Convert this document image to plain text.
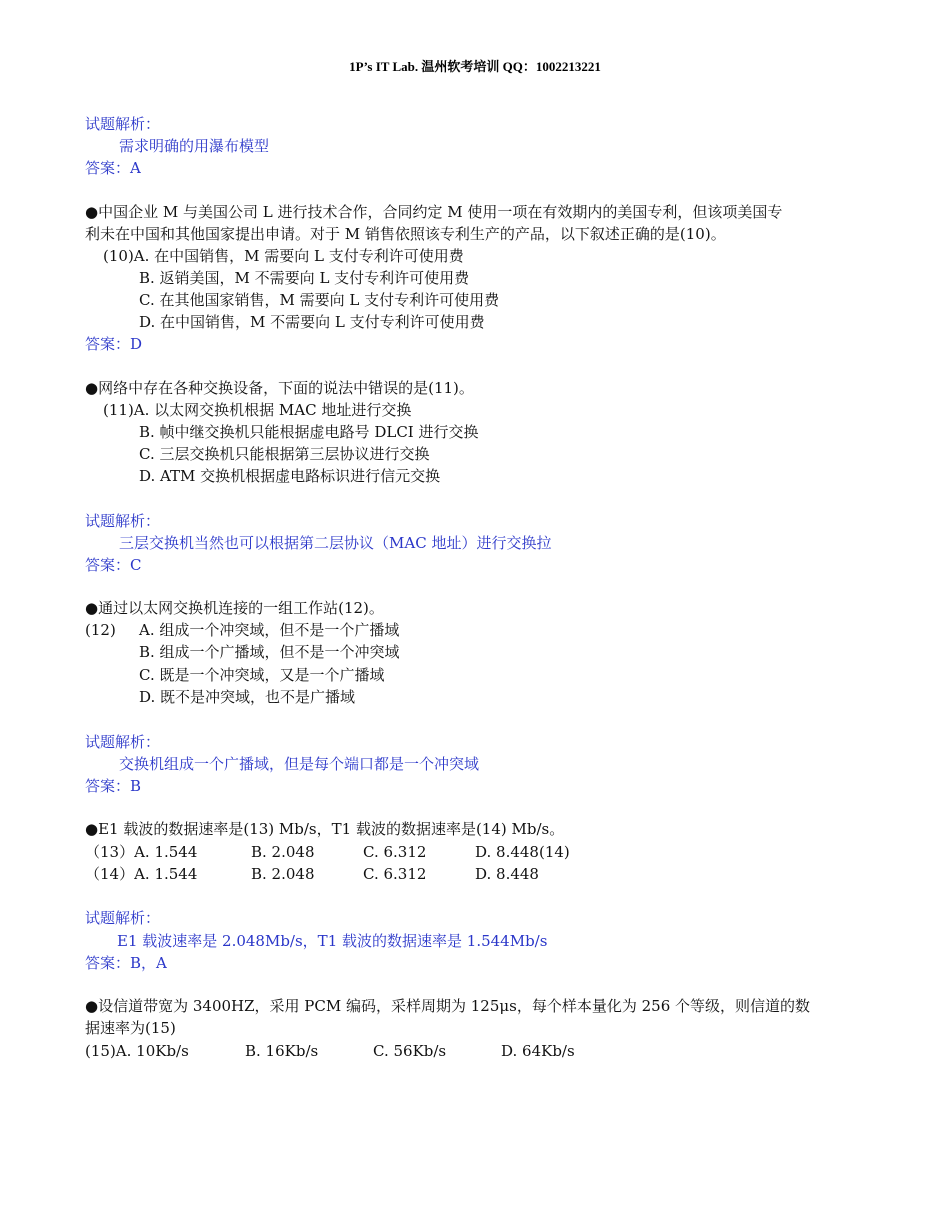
1P’s IT Lab. 温州软考培训 QQ：1002213221
试题解析：
需求明确的用瀑布模型
答案：A
●中国企业 M 与美国公司 L 进行技术合作，合同约定 M 使用一项在有效期内的美国专利，但该项美国专
利未在中国和其他国家提出申请。对于 M 销售依照该专利生产的产品，以下叙述正确的是(10)。
(10)A. 在中国销售，M 需要向 L 支付专利许可使用费
B. 返销美国，M 不需要向 L 支付专利许可使用费
C. 在其他国家销售，M 需要向 L 支付专利许可使用费
D. 在中国销售，M 不需要向 L 支付专利许可使用费
答案：D
●网络中存在各种交换设备，下面的说法中错误的是(11)。
(11)A. 以太网交换机根据 MAC 地址进行交换
B. 帧中继交换机只能根据虚电路号 DLCI 进行交换
C. 三层交换机只能根据第三层协议进行交换
D. ATM 交换机根据虚电路标识进行信元交换
试题解析：
三层交换机当然也可以根据第二层协议（MAC 地址）进行交换拉
答案：C
●通过以太网交换机连接的一组工作站(12)。
(12) A. 组成一个冲突域，但不是一个广播域
B. 组成一个广播域，但不是一个冲突域
C. 既是一个冲突域，又是一个广播域
D. 既不是冲突域，也不是广播域
试题解析：
交换机组成一个广播域，但是每个端口都是一个冲突域
答案：B
●E1 载波的数据速率是(13) Mb/s，T1 载波的数据速率是(14) Mb/s。
（13）A. 1.544	B. 2.048	C. 6.312	D. 8.448(14)
（14）A. 1.544	B. 2.048	C. 6.312	D. 8.448
试题解析：
E1 载波速率是 2.048Mb/s，T1 载波的数据速率是 1.544Mb/s
答案：B，A
●设信道带宽为 3400HZ，采用 PCM 编码，采样周期为 125μs，每个样本量化为 256 个等级，则信道的数
据速率为(15)
(15)A. 10Kb/s	B. 16Kb/s	C. 56Kb/s	D. 64Kb/s
